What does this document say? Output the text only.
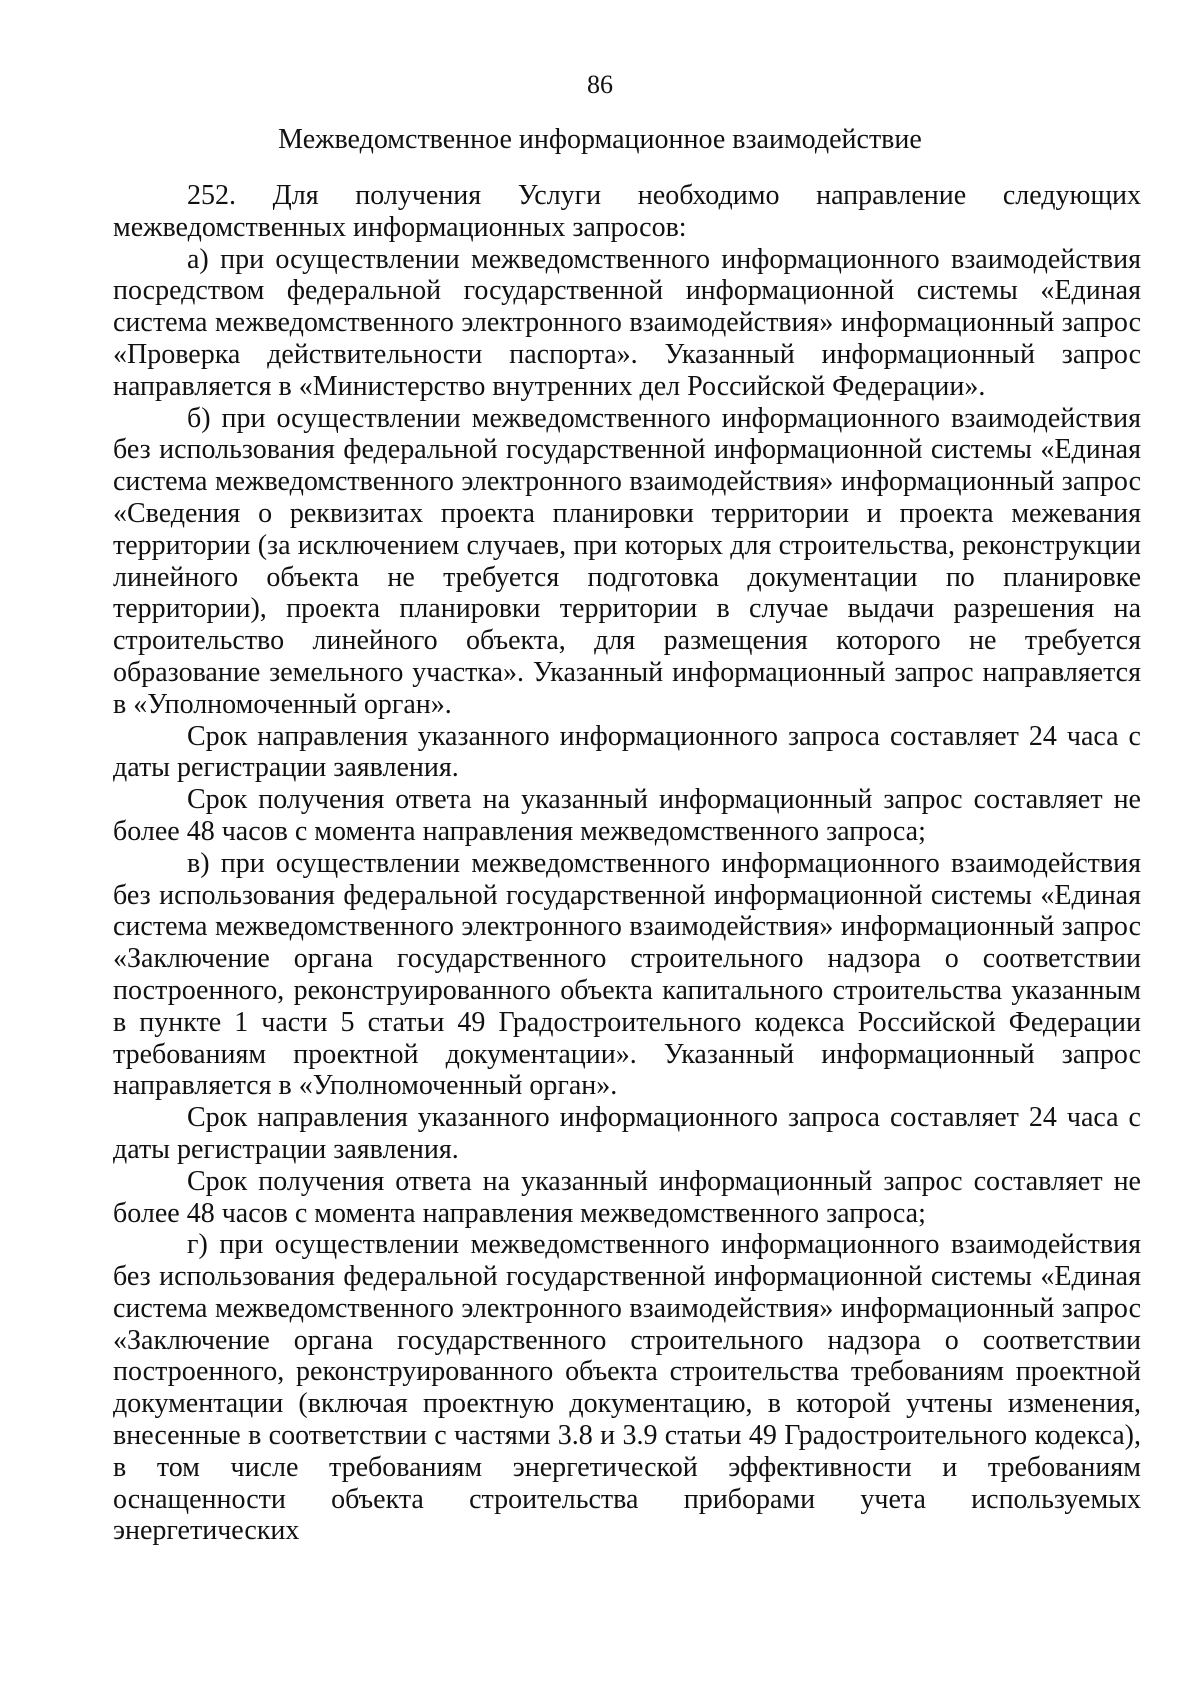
86
Межведомственное информационное взаимодействие

252. Для получения Услуги необходимо направление следующих межведомственных информационных запросов:

а) при осуществлении межведомственного информационного взаимодействия посредством федеральной государственной информационной системы «Единая система межведомственного электронного взаимодействия» информационный запрос «Проверка действительности паспорта». Указанный информационный запрос направляется в «Министерство внутренних дел Российской Федерации».

б) при осуществлении межведомственного информационного взаимодействия без использования федеральной государственной информационной системы «Единая система межведомственного электронного взаимодействия» информационный запрос «Сведения о реквизитах проекта планировки территории и проекта межевания территории (за исключением случаев, при которых для строительства, реконструкции линейного объекта не требуется подготовка документации по планировке территории), проекта планировки территории в случае выдачи разрешения на строительство линейного объекта, для размещения которого не требуется образование земельного участка». Указанный информационный запрос направляется в «Уполномоченный орган».

Срок направления указанного информационного запроса составляет 24 часа с даты регистрации заявления.

Срок получения ответа на указанный информационный запрос составляет не более 48 часов с момента направления межведомственного запроса;

в) при осуществлении межведомственного информационного взаимодействия без использования федеральной государственной информационной системы «Единая система межведомственного электронного взаимодействия» информационный запрос «Заключение органа государственного строительного надзора о соответствии построенного, реконструированного объекта капитального строительства указанным в пункте 1 части 5 статьи 49 Градостроительного кодекса Российской Федерации требованиям проектной документации». Указанный информационный запрос направляется в «Уполномоченный орган».

Срок направления указанного информационного запроса составляет 24 часа с даты регистрации заявления.

Срок получения ответа на указанный информационный запрос составляет не более 48 часов с момента направления межведомственного запроса;

г) при осуществлении межведомственного информационного взаимодействия без использования федеральной государственной информационной системы «Единая система межведомственного электронного взаимодействия» информационный запрос «Заключение органа государственного строительного надзора о соответствии построенного, реконструированного объекта строительства требованиям проектной документации (включая проектную документацию, в которой учтены изменения, внесенные в соответствии с частями 3.8 и 3.9 статьи 49 Градостроительного кодекса), в том числе требованиям энергетической эффективности и требованиям оснащенности объекта строительства приборами учета используемых энергетических
